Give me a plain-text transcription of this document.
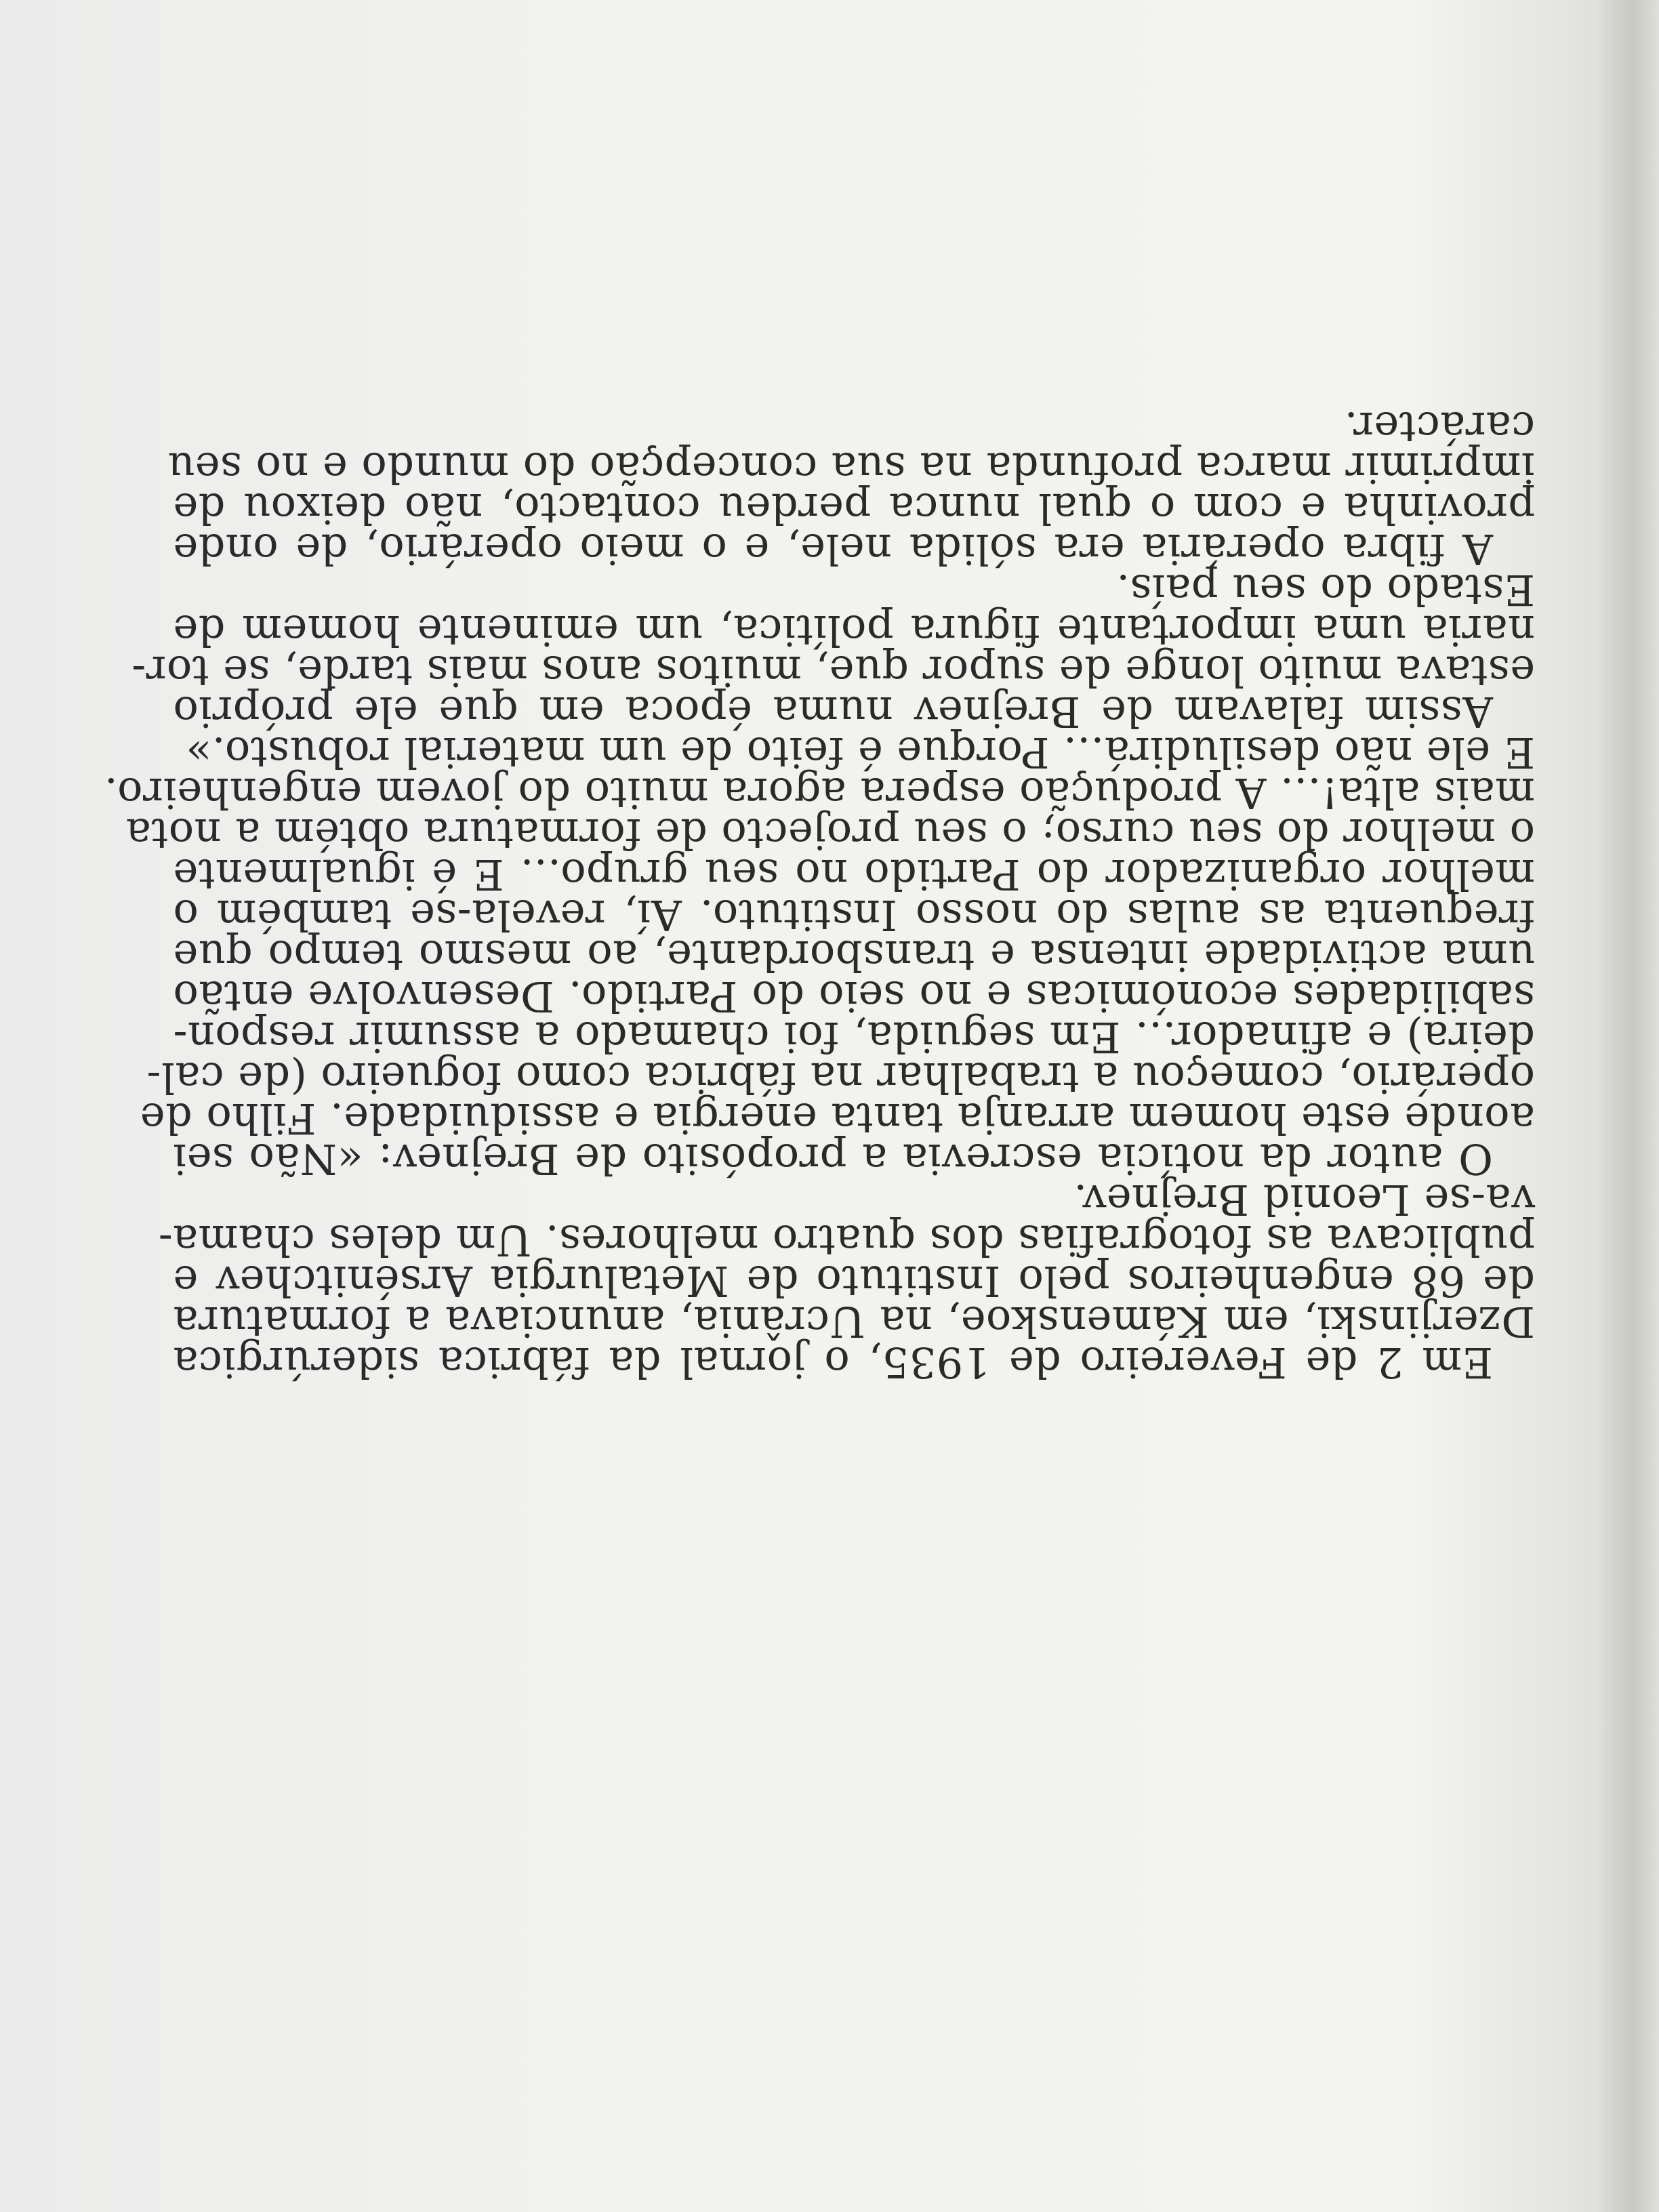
Em 2 de Fevereiro de 1935, o jornal da fábrica siderúrgica
Dzerjinski, em Kámenskoe, na Ucrânia, anunciava a formatura
de 68 engenheiros pelo Instituto de Metalurgia Arsénitchev e
publicava as fotografias dos quatro melhores. Um deles chama-
va-se Leonid Brejnev.
O autor da notícia escrevia a propósito de Brejnev: «Não sei
aonde este homem arranja tanta energia e assiduidade. Filho de
operário, começou a trabalhar na fábrica como fogueiro (de cal-
deira) e afinador... Em seguida, foi chamado a assumir respon-
sabilidades económicas e no seio do Partido. Desenvolve então
uma actividade intensa e transbordante, ao mesmo tempo que
frequenta as aulas do nosso Instituto. Aí, revela-se também o
melhor organizador do Partido no seu grupo... E é igualmente
o melhor do seu curso; o seu projecto de formatura obtém a nota
mais alta!... A produção espera agora muito do jovem engenheiro.
E ele não desiludirá... Porque é feito de um material robusto.»
Assim falavam de Brejnev numa época em que ele próprio
estava muito longe de supor que, muitos anos mais tarde, se tor-
naria uma importante figura política, um eminente homem de
Estado do seu país.
A fibra operária era sólida nele, e o meio operário, de onde
provinha e com o qual nunca perdeu contacto, não deixou de
imprimir marca profunda na sua concepção do mundo e no seu
carácter.
